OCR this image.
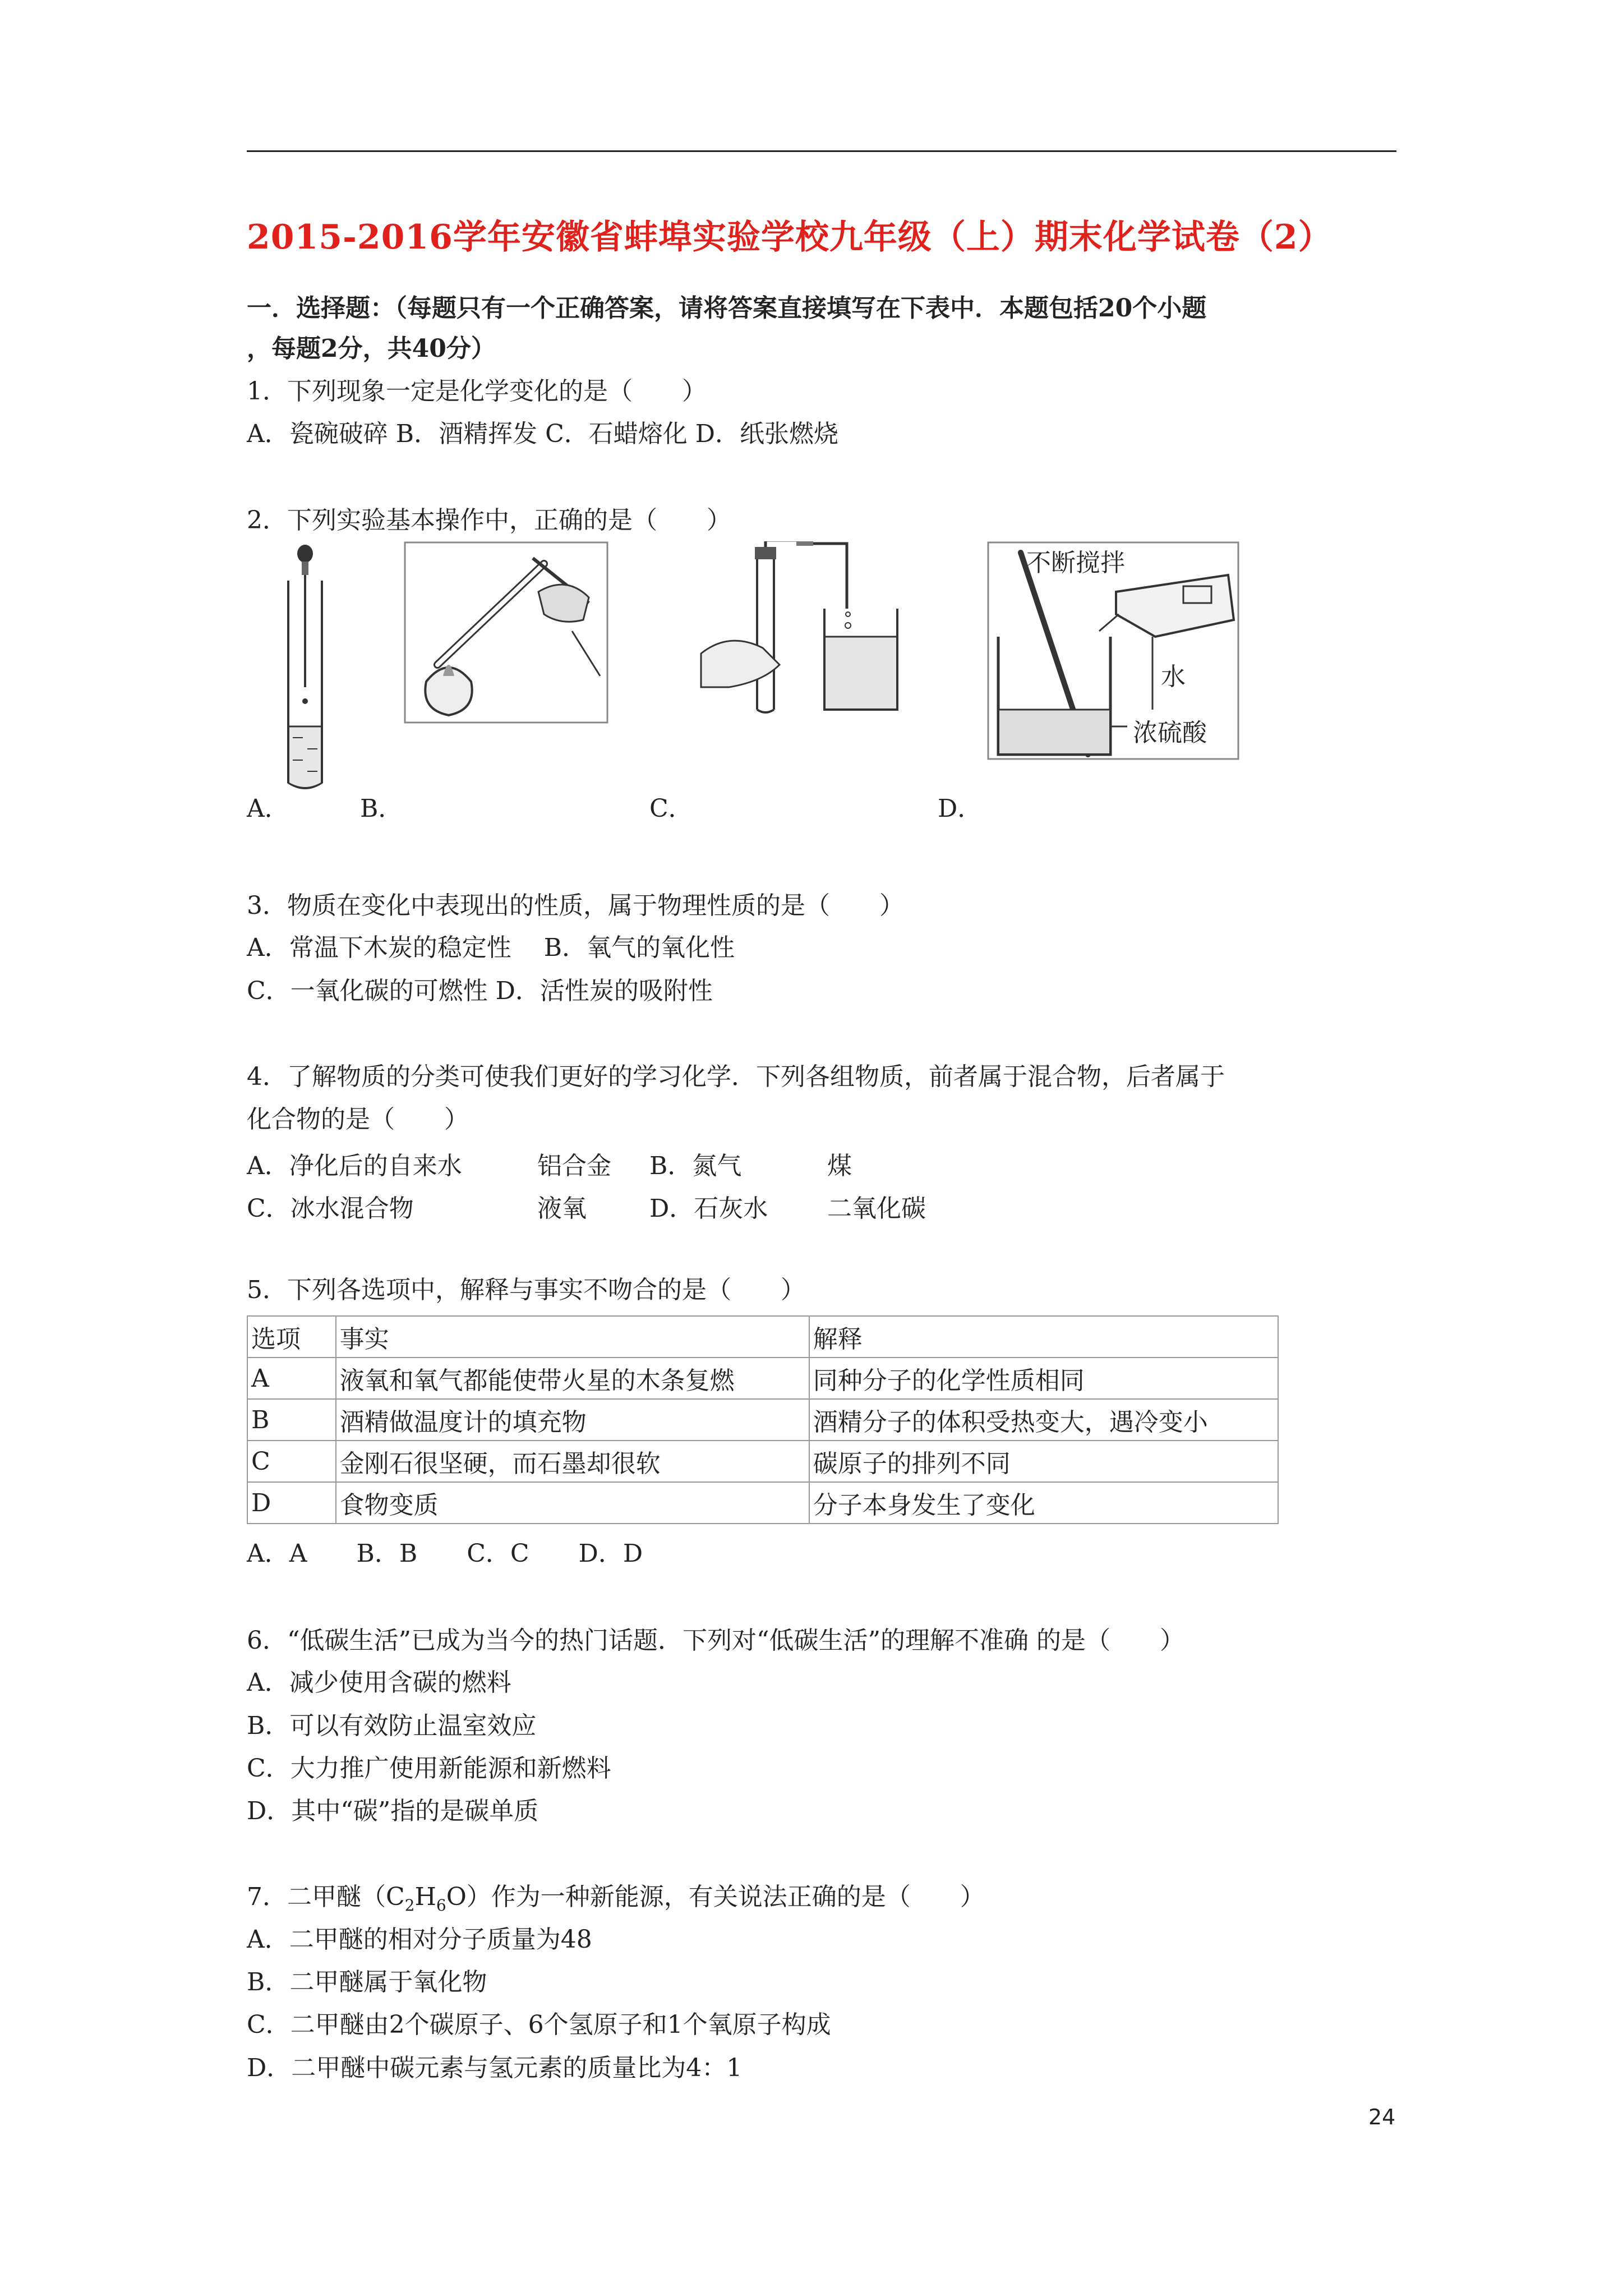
2015-2016学年安徽省蚌埠实验学校九年级（上）期末化学试卷（2）
一．选择题：（每题只有一个正确答案，请将答案直接填写在下表中．本题包括20个小题
，每题2分，共40分）
1．下列现象一定是化学变化的是（　　）
A．瓷碗破碎 B．酒精挥发 C．石蜡熔化 D．纸张燃烧
2．下列实验基本操作中，正确的是（　　）
不断搅拌
水
浓硫酸
A．	B．	C．	D．
3．物质在变化中表现出的性质，属于物理性质的是（　　）
A．常温下木炭的稳定性　 B．氧气的氧化性
C．一氧化碳的可燃性 D．活性炭的吸附性
4．了解物质的分类可使我们更好的学习化学．下列各组物质，前者属于混合物，后者属于
化合物的是（　　）
A．净化后的自来水	铝合金 B．氮气	煤
C．冰水混合物	液氧	D．石灰水 二氧化碳
5．下列各选项中，解释与事实不吻合的是（　　）
选项	事实	解释
A	液氧和氧气都能使带火星的木条复燃	同种分子的化学性质相同
B	酒精做温度计的填充物	酒精分子的体积受热变大，遇冷变小
C	金刚石很坚硬，而石墨却很软	碳原子的排列不同
D	食物变质	分子本身发生了变化
A．A　　B．B　　C．C　　D．D
6．“低碳生活”已成为当今的热门话题．下列对“低碳生活”的理解不准确 的是（　　）
A．减少使用含碳的燃料
B．可以有效防止温室效应
C．大力推广使用新能源和新燃料
D．其中“碳”指的是碳单质
7．二甲醚$(C_2H_6O)$作为一种新能源，有关说法正确的是（　　）
A．二甲醚的相对分子质量为48
B．二甲醚属于氧化物
C．二甲醚由2个碳原子、6个氢原子和1个氧原子构成
D．二甲醚中碳元素与氢元素的质量比为4：1
24
